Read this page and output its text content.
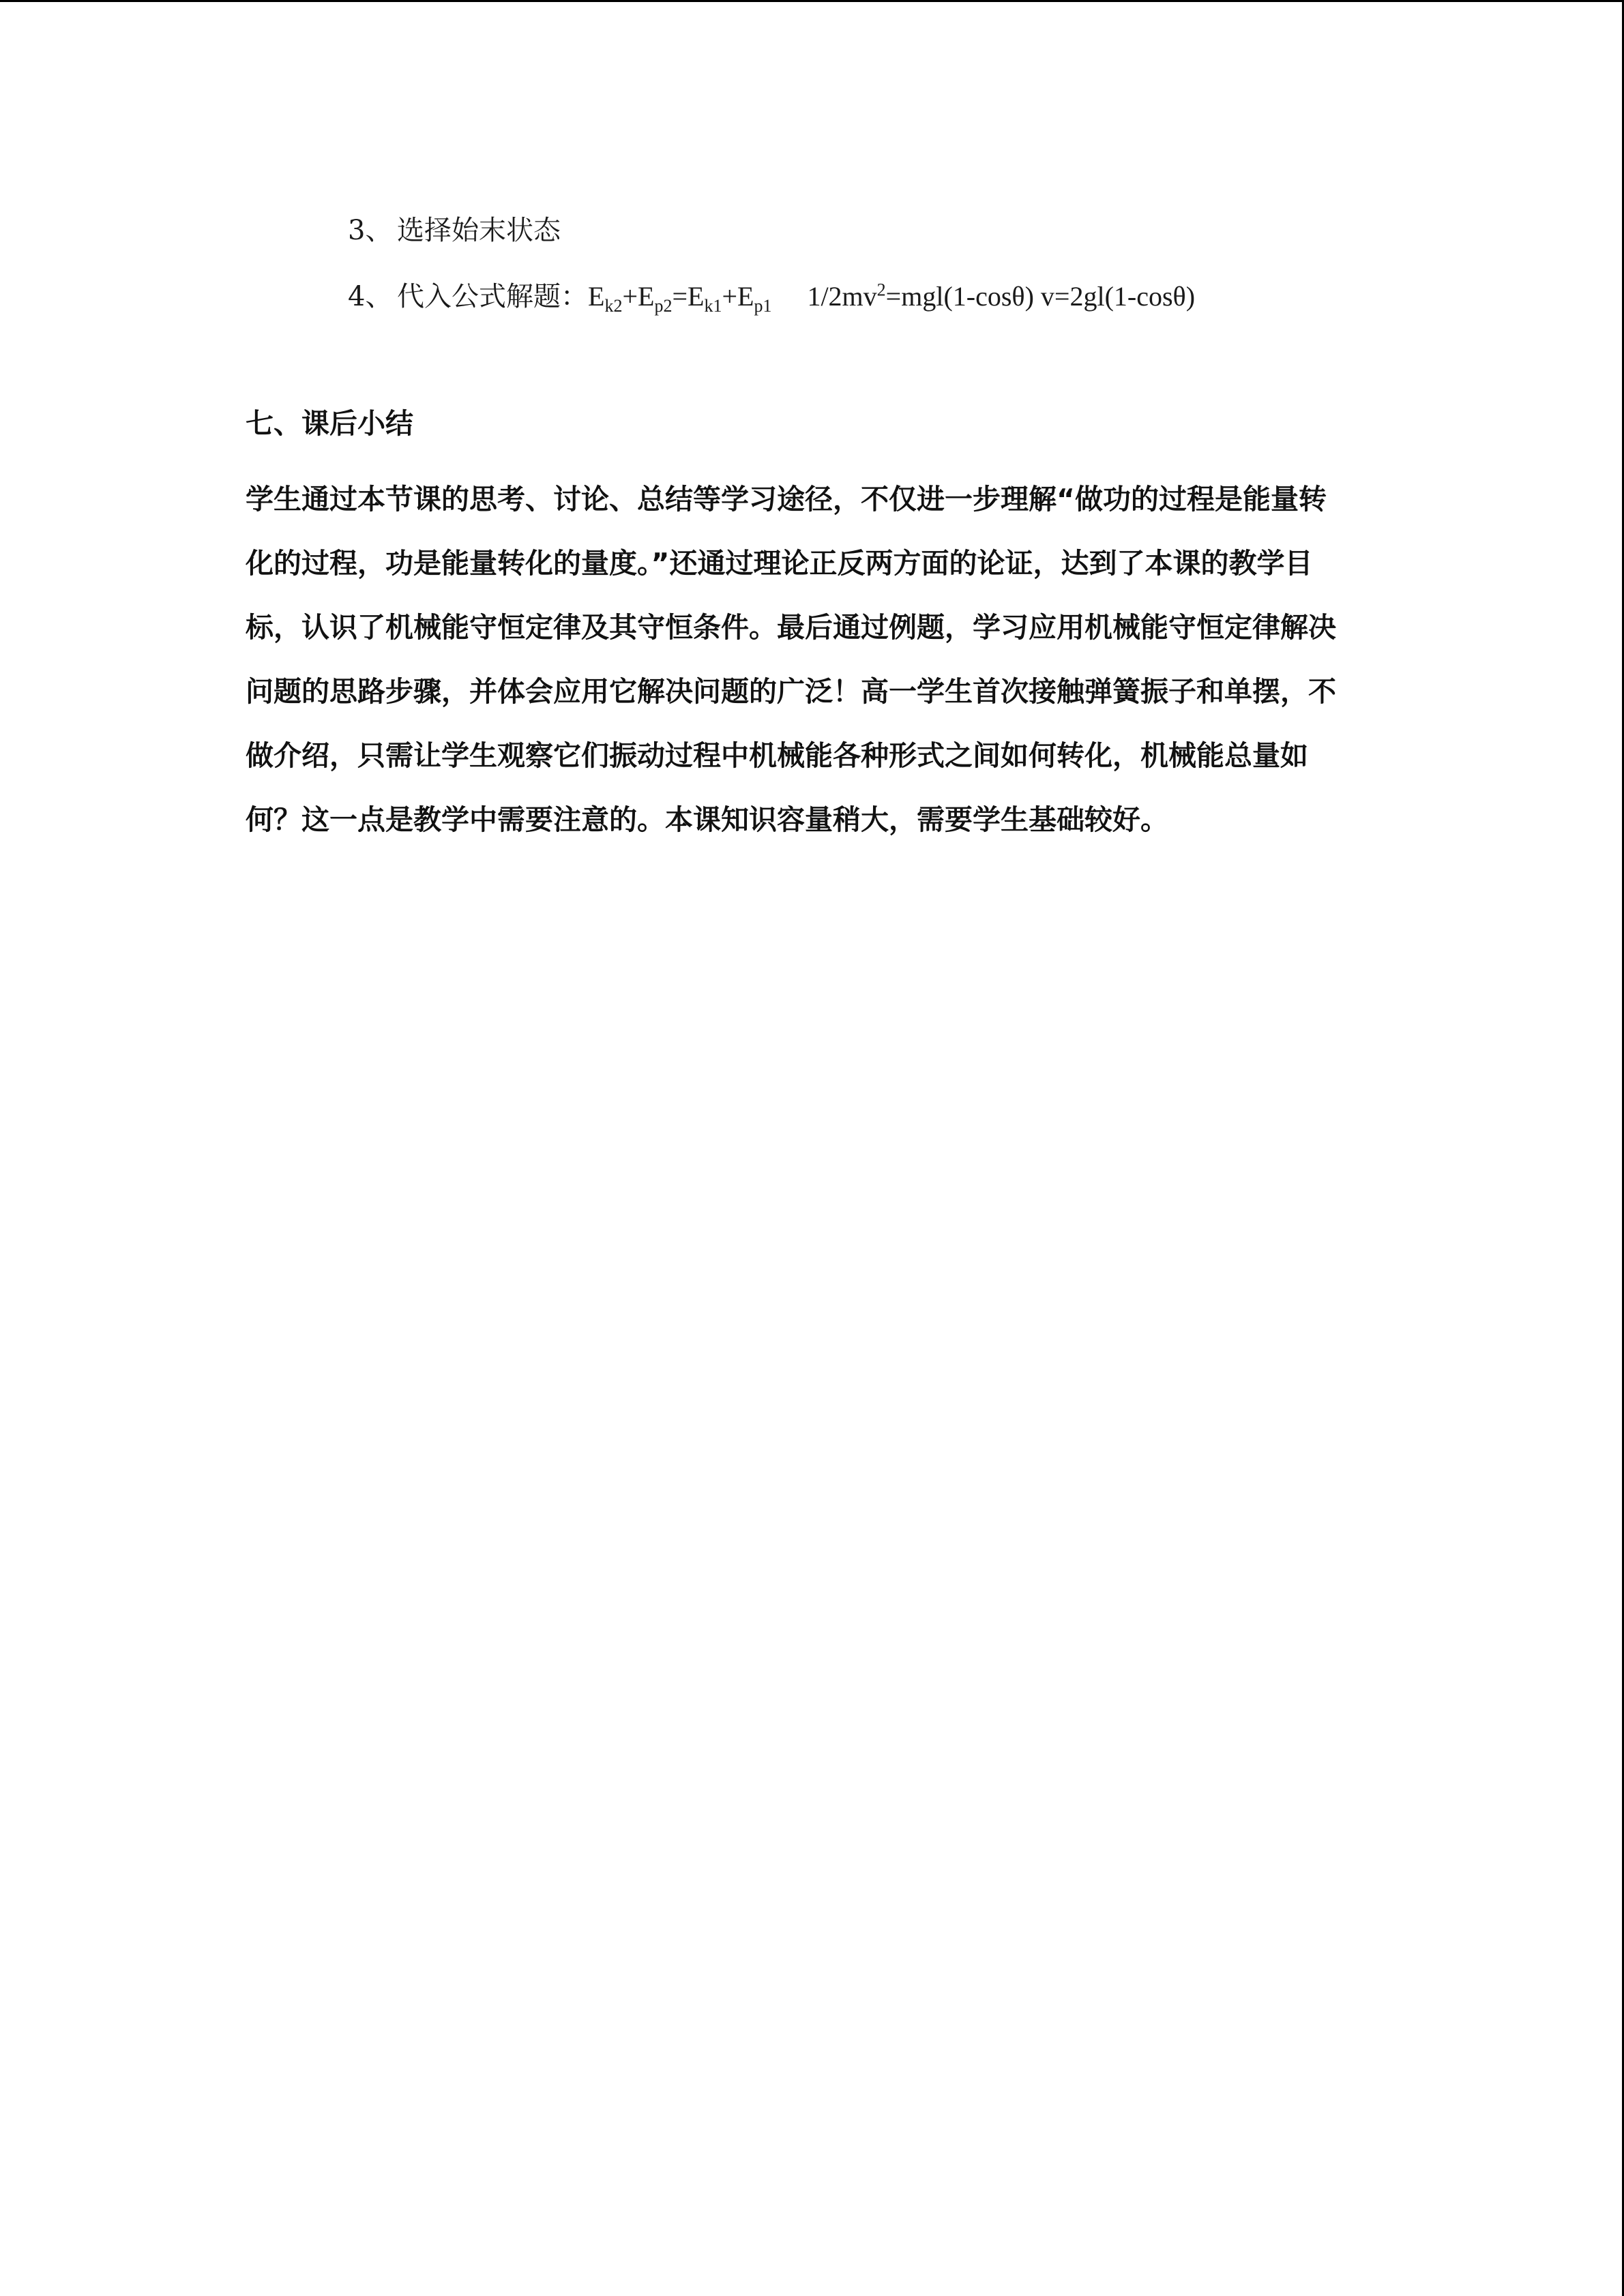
3、 选择始末状态
4、 代入公式解题：$E_{k2}+E_{p2}=E_{k1}+E_{p1}$ $1/2mv^2=mgl(1-\cos\theta)$ v=2gl(1-cosθ)
七、课后小结

学生通过本节课的思考、讨论、总结等学习途径，不仅进一步理解“做功的过程是能量转
化的过程，功是能量转化的量度。”还通过理论正反两方面的论证，达到了本课的教学目
标，认识了机械能守恒定律及其守恒条件。最后通过例题，学习应用机械能守恒定律解决
问题的思路步骤，并体会应用它解决问题的广泛！高一学生首次接触弹簧振子和单摆，不
做介绍，只需让学生观察它们振动过程中机械能各种形式之间如何转化，机械能总量如
何？这一点是教学中需要注意的。本课知识容量稍大，需要学生基础较好。
